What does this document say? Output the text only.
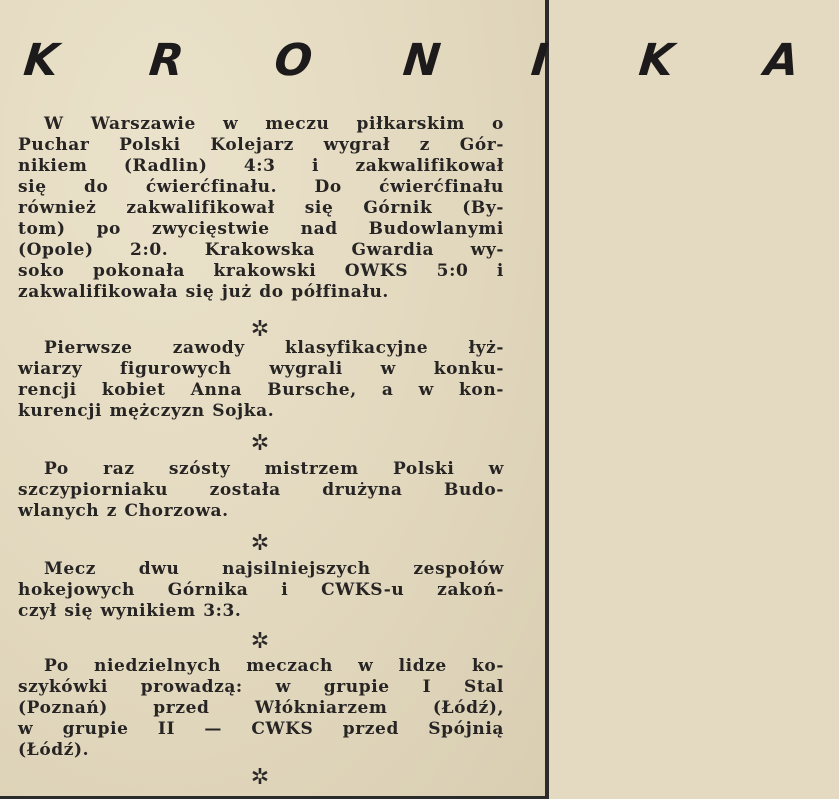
K R O N I K A

W Warszawie w meczu piłkarskim o
Puchar Polski Kolejarz wygrał z Gór-
nikiem (Radlin) 4:3 i zakwalifikował
się do ćwierćfinału. Do ćwierćfinału
również zakwalifikował się Górnik (By-
tom) po zwycięstwie nad Budowlanymi
(Opole) 2:0. Krakowska Gwardia wy-
soko pokonała krakowski OWKS 5:0 i
zakwalifikowała się już do półfinału.

✲

Pierwsze zawody klasyfikacyjne łyż-
wiarzy figurowych wygrali w konku-
rencji kobiet Anna Bursche, a w kon-
kurencji mężczyzn Sojka.

✲

Po raz szósty mistrzem Polski w
szczypiorniaku została drużyna Budo-
wlanych z Chorzowa.

✲

Mecz dwu najsilniejszych zespołów
hokejowych Górnika i CWKS-u zakoń-
czył się wynikiem 3:3.

✲

Po niedzielnych meczach w lidze ko-
szykówki prowadzą: w grupie I Stal
(Poznań) przed Włókniarzem (Łódź),
w grupie II — CWKS przed Spójnią
(Łódź).

✲
